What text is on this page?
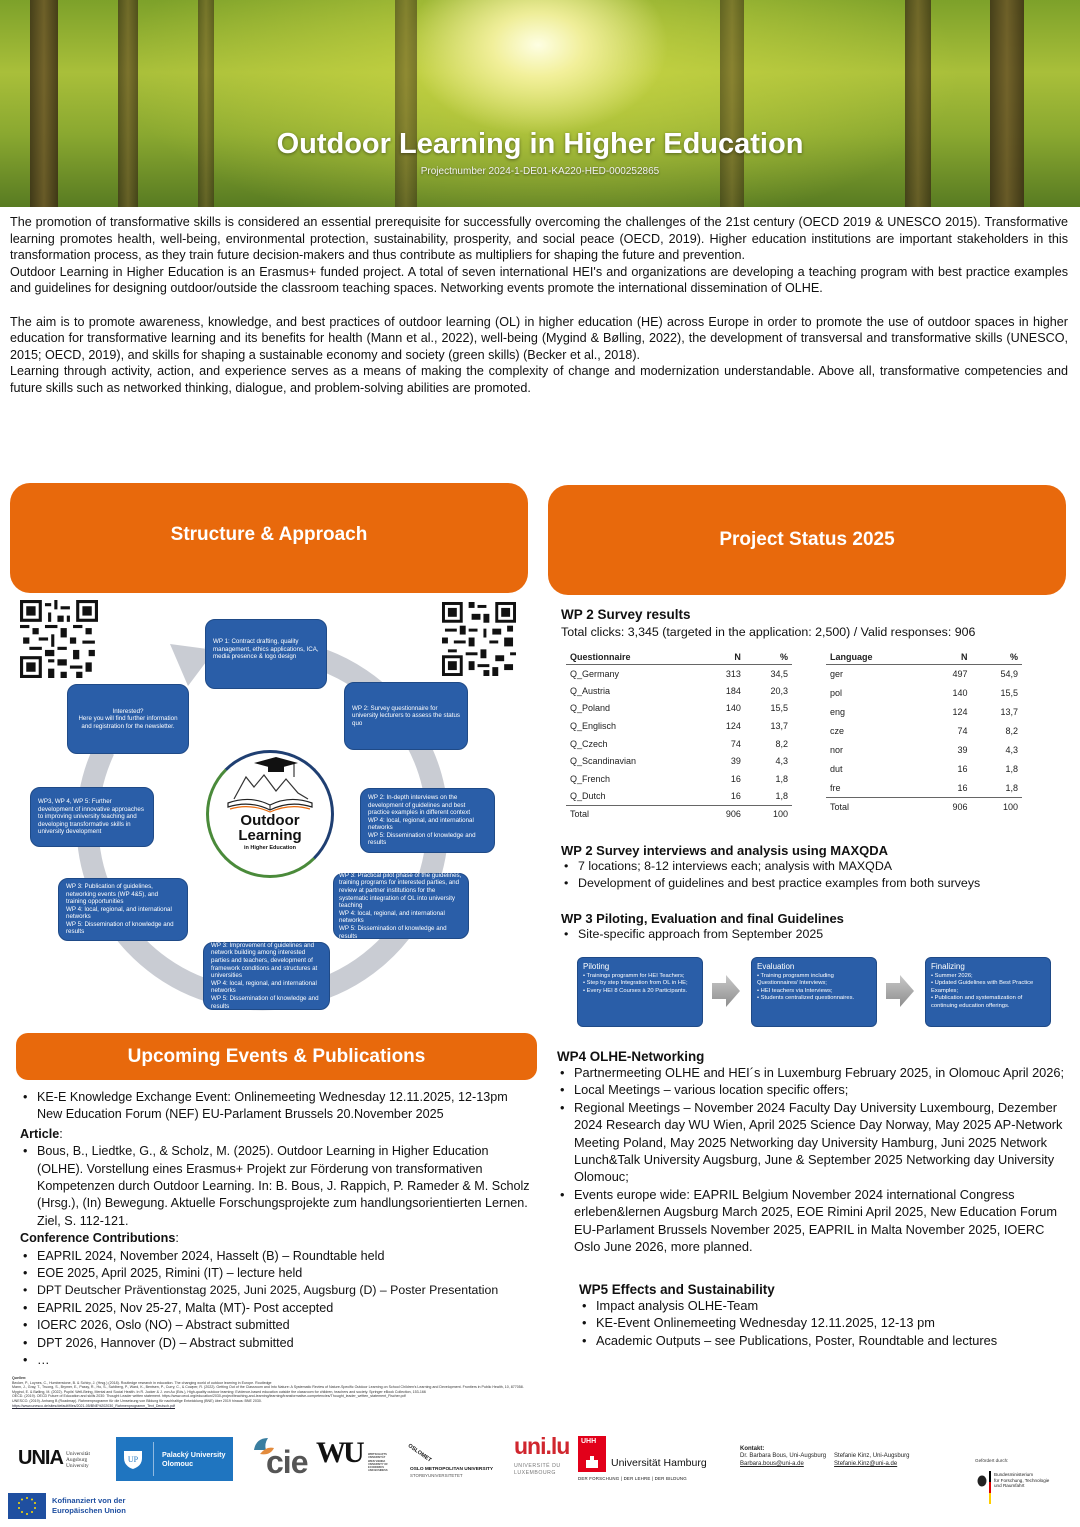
Outdoor Learning in Higher Education
Projectnumber 2024-1-DE01-KA220-HED-000252865

The promotion of transformative skills is considered an essential prerequisite for successfully overcoming the challenges of the 21st century (OECD 2019 & UNESCO 2015). Transformative learning promotes health, well-being, environmental protection, sustainability, prosperity, and social peace (OECD, 2019). Higher education institutions are important stakeholders in this transformation process, as they train future decision-makers and thus contribute as multipliers for shaping the future and prevention.

Outdoor Learning in Higher Education is an Erasmus+ funded project. A total of seven international HEI's and organizations are developing a teaching program with best practice examples and guidelines for designing outdoor/outside the classroom teaching spaces. Networking events promote the international dissemination of OLHE.

The aim is to promote awareness, knowledge, and best practices of outdoor learning (OL) in higher education (HE) across Europe in order to promote the use of outdoor spaces in higher education for transformative learning and its benefits for health (Mann et al., 2022), well-being (Mygind & Bølling, 2022), the development of transversal and transformative skills (UNESCO, 2015; OECD, 2019), and skills for shaping a sustainable economy and society (green skills) (Becker et al., 2018).

Learning through activity, action, and experience serves as a means of making the complexity of change and modernization understandable. Above all, transformative competencies and future skills such as networked thinking, dialogue, and problem-solving abilities are promoted.

Structure & Approach	Project Status 2025
Upcoming Events & Publications
WP 1: Contract drafting, quality management, ethics applications, ICA, media presence & logo design
WP 2: Survey questionnaire for university lecturers to assess the status quo
WP 2: In-depth interviews on the development of guidelines and best practice examples in different context
WP 4: local, regional, and international networks
WP 5: Dissemination of knowledge and results
WP 3: Practical pilot phase of the guidelines, training programs for interested parties, and review at partner institutions for the systematic integration of OL into university teaching
WP 4: local, regional, and international networks
WP 5: Dissemination of knowledge and results
WP 3: Improvement of guidelines and network building among interested parties and teachers, development of framework conditions and structures at universities
WP 4: local, regional, and international networks
WP 5: Dissemination of knowledge and results
WP 3: Publication of guidelines, networking events (WP 4&5), and training opportunities
WP 4: local, regional, and international networks
WP 5: Dissemination of knowledge and results
WP3, WP 4, WP 5: Further development of innovative approaches to improving university teaching and developing transformative skills in university development
Interested?
Here you will find further information and registration for the newsletter.
Outdoor
Learning
in Higher Education
WP 2 Survey results
Total clicks: 3,345 (targeted in the application: 2,500) / Valid responses: 906
Questionnaire	N	%
Q_Germany	313	34,5
Q_Austria	184	20,3
Q_Poland	140	15,5
Q_Englisch	124	13,7
Q_Czech	74	8,2
Q_Scandinavian	39	4,3
Q_French	16	1,8
Q_Dutch	16	1,8
Total	906	100
Language	N	%
ger	497	54,9
pol	140	15,5
eng	124	13,7
cze	74	8,2
nor	39	4,3
dut	16	1,8
fre	16	1,8
Total	906	100
WP 2 Survey interviews and analysis using MAXQDA
• 7 locations; 8-12 interviews each; analysis with MAXQDA
• Development of guidelines and best practice examples from both surveys
WP 3 Piloting, Evaluation and final Guidelines
• Site-specific approach from September 2025
Piloting
• Trainings programm for HEI Teachers;
• Step by step Integration from OL in HE;
• Every HEI 8 Courses à 20 Participants.
Evaluation
• Training programm including Questionnaires/ Interviews;
• HEI teachers via Interviews;
• Students centralized questionnaires.
Finalizing
• Summer 2026;
• Updated Guidelines with Best Practice Examples;
• Publication and systematization of continuing education offerings.
WP4 OLHE-Networking
• Partnermeeting OLHE and HEI´s in Luxemburg February 2025, in Olomouc April 2026;
• Local Meetings – various location specific offers;
• Regional Meetings – November 2024 Faculty Day University Luxembourg, Dezember 2024 Research day WU Wien, April 2025 Science Day Norway, May 2025 AP-Network Meeting Poland, May 2025 Networking day University Hamburg, Juni 2025 Network Lunch&Talk University Augsburg, June & September 2025 Networking day University Olomouc;
• Events europe wide: EAPRIL Belgium November 2024 international Congress erleben&lernen Augsburg March 2025, EOE Rimini April 2025, New Education Forum EU-Parlament Brussels November 2025, EAPRIL in Malta November 2025, IOERC Oslo June 2026, more planned.
WP5 Effects and Sustainability
• Impact analysis OLHE-Team
• KE-Event Onlinemeeting Wednesday 12.11.2025, 12-13 pm
• Academic Outputs – see Publications, Poster, Roundtable and lectures
• KE-E Knowledge Exchange Event: Onlinemeeting Wednesday 12.11.2025, 12-13pm
New Education Forum (NEF) EU-Parlament Brussels 20.November 2025
Article:
• Bous, B., Liedtke, G., & Scholz, M. (2025). Outdoor Learning in Higher Education (OLHE). Vorstellung eines Erasmus+ Projekt zur Förderung von transformativen Kompetenzen durch Outdoor Learning. In: B. Bous, J. Rappich, P. Rameder & M. Scholz (Hrsg.), (In) Bewegung. Aktuelle Forschungsprojekte zum handlungsorientierten Lernen. Ziel, S. 112-121.
Conference Contributions:
• EAPRIL 2024, November 2024, Hasselt (B) – Roundtable held
• EOE 2025, April 2025, Rimini (IT) – lecture held
• DPT Deutscher Präventionstag 2025, Juni 2025, Augsburg (D) – Poster Presentation
• EAPRIL 2025, Nov 25-27, Malta (MT)- Post accepted
• IOERC 2026, Oslo (NO) – Abstract submitted
• DPT 2026, Hannover (D) – Abstract submitted
• …
Quellen:
Becker, P., Loynes, C., Humberstone, B. & Schirp, J. (Hrsg.) (2018). Routledge research in education. The changing world of outdoor learning in Europe. Routledge
Mann, J., Gray, T., Truong, S., Brymer, E., Passy, R., Ho, S., Sahlberg, P., Ward, K., Bentsen, P., Curry, C., & Cowper, R. (2022). Getting Out of the Classroom and Into Nature: A Systematic Review of Nature-Specific Outdoor Learning on School Children's Learning and Development. Frontiers in Public Health, 10, 877058.
Mygind, E. & Bølling, M. (2022). Pupils' Well-Being, Mental and Social Health. In R. Jucker & J. von Au (Eds.), High-quality outdoor learning: Evidence-based education outside the classroom for children, teachers and society. Springer eBook Collection, 153-166
OECD. (2019). OECD Future of Education and skills 2030: Thought Leader written statement. https://www.oecd.org/education/2030-project/teaching-and-learning/learning/transformative-competencies/Thought_leader_written_statement_Fischer.pdf
UNESCO. (2019). Anhang B (Roadmap). Rahmenprogramm für die Umsetzung von Bildung für nachhaltige Entwicklung (BNE) über 2019 hinaus: BNE 2030.
https://www.unesco.de/sites/default/files/2021-05/BNE%202030_Rahmenprogramm_Text_Deutsch.pdf
UNIA Universität
Augsburg
University
UP
Palacký University
Olomouc	cie WU WIRTSCHAFTS
UNIVERSITÄT
WIEN VIENNA
UNIVERSITY OF
ECONOMICS
AND BUSINESS
OSLOMET
OSLO METROPOLITAN UNIVERSITY
STORBYUNIVERSITETET
uni.lu
UNIVERSITÉ DU
LUXEMBOURG
UHH
Universität Hamburg
DER FORSCHUNG | DER LEHRE | DER BILDUNG
Kontakt:
Dr. Barbara Bous, Uni-Augsburg
Barbara.bous@uni-a.de
Stefanie Kinz, Uni-Augsburg
Stefanie.Kinz@uni-a.de
Gefördert durch:
Bundesministerium
für Forschung, Technologie
und Raumfahrt
Kofinanziert von der
Europäischen Union
